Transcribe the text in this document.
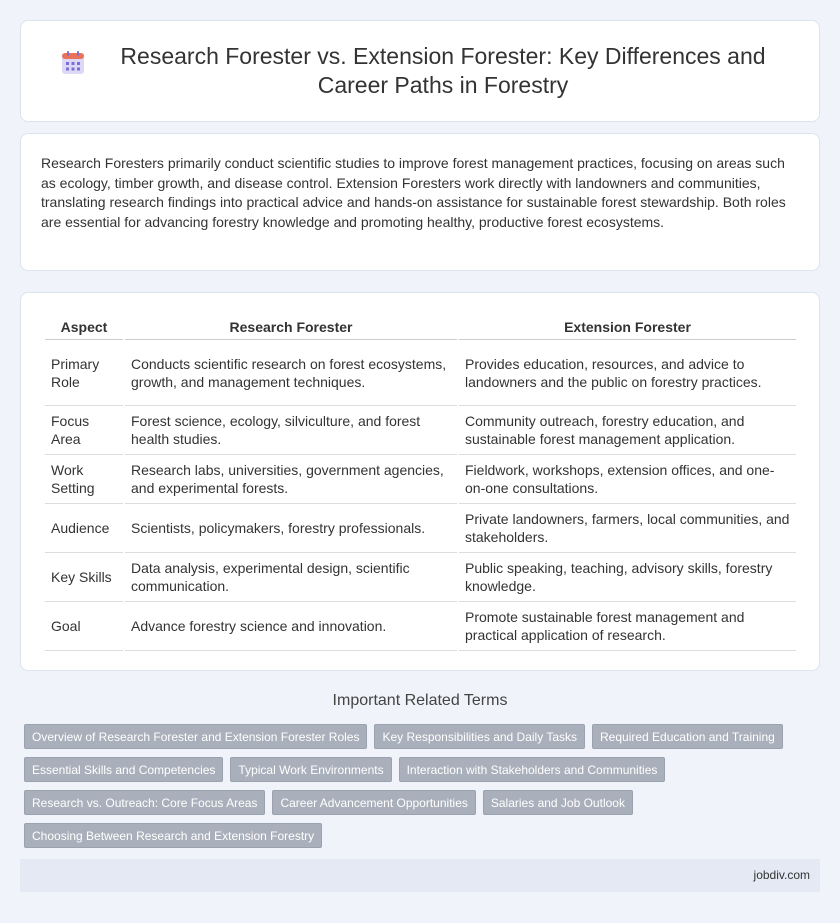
Research Forester vs. Extension Forester: Key Differences and Career Paths in Forestry

Research Foresters primarily conduct scientific studies to improve forest management practices, focusing on areas such as ecology, timber growth, and disease control. Extension Foresters work directly with landowners and communities, translating research findings into practical advice and hands-on assistance for sustainable forest stewardship. Both roles are essential for advancing forestry knowledge and promoting healthy, productive forest ecosystems.

Aspect	Research Forester	Extension Forester
Primary Role	Conducts scientific research on forest ecosystems, growth, and management techniques.	Provides education, resources, and advice to landowners and the public on forestry practices.
Focus Area	Forest science, ecology, silviculture, and forest health studies.	Community outreach, forestry education, and sustainable forest management application.
Work Setting	Research labs, universities, government agencies, and experimental forests.	Fieldwork, workshops, extension offices, and one-on-one consultations.
Audience	Scientists, policymakers, forestry professionals.	Private landowners, farmers, local communities, and stakeholders.
Key Skills	Data analysis, experimental design, scientific communication.	Public speaking, teaching, advisory skills, forestry knowledge.
Goal	Advance forestry science and innovation.	Promote sustainable forest management and practical application of research.
Important Related Terms
Overview of Research Forester and Extension Forester Roles	Key Responsibilities and Daily Tasks	Required Education and Training
Essential Skills and Competencies	Typical Work Environments	Interaction with Stakeholders and Communities
Research vs. Outreach: Core Focus Areas	Career Advancement Opportunities	Salaries and Job Outlook
Choosing Between Research and Extension Forestry
jobdiv.com
